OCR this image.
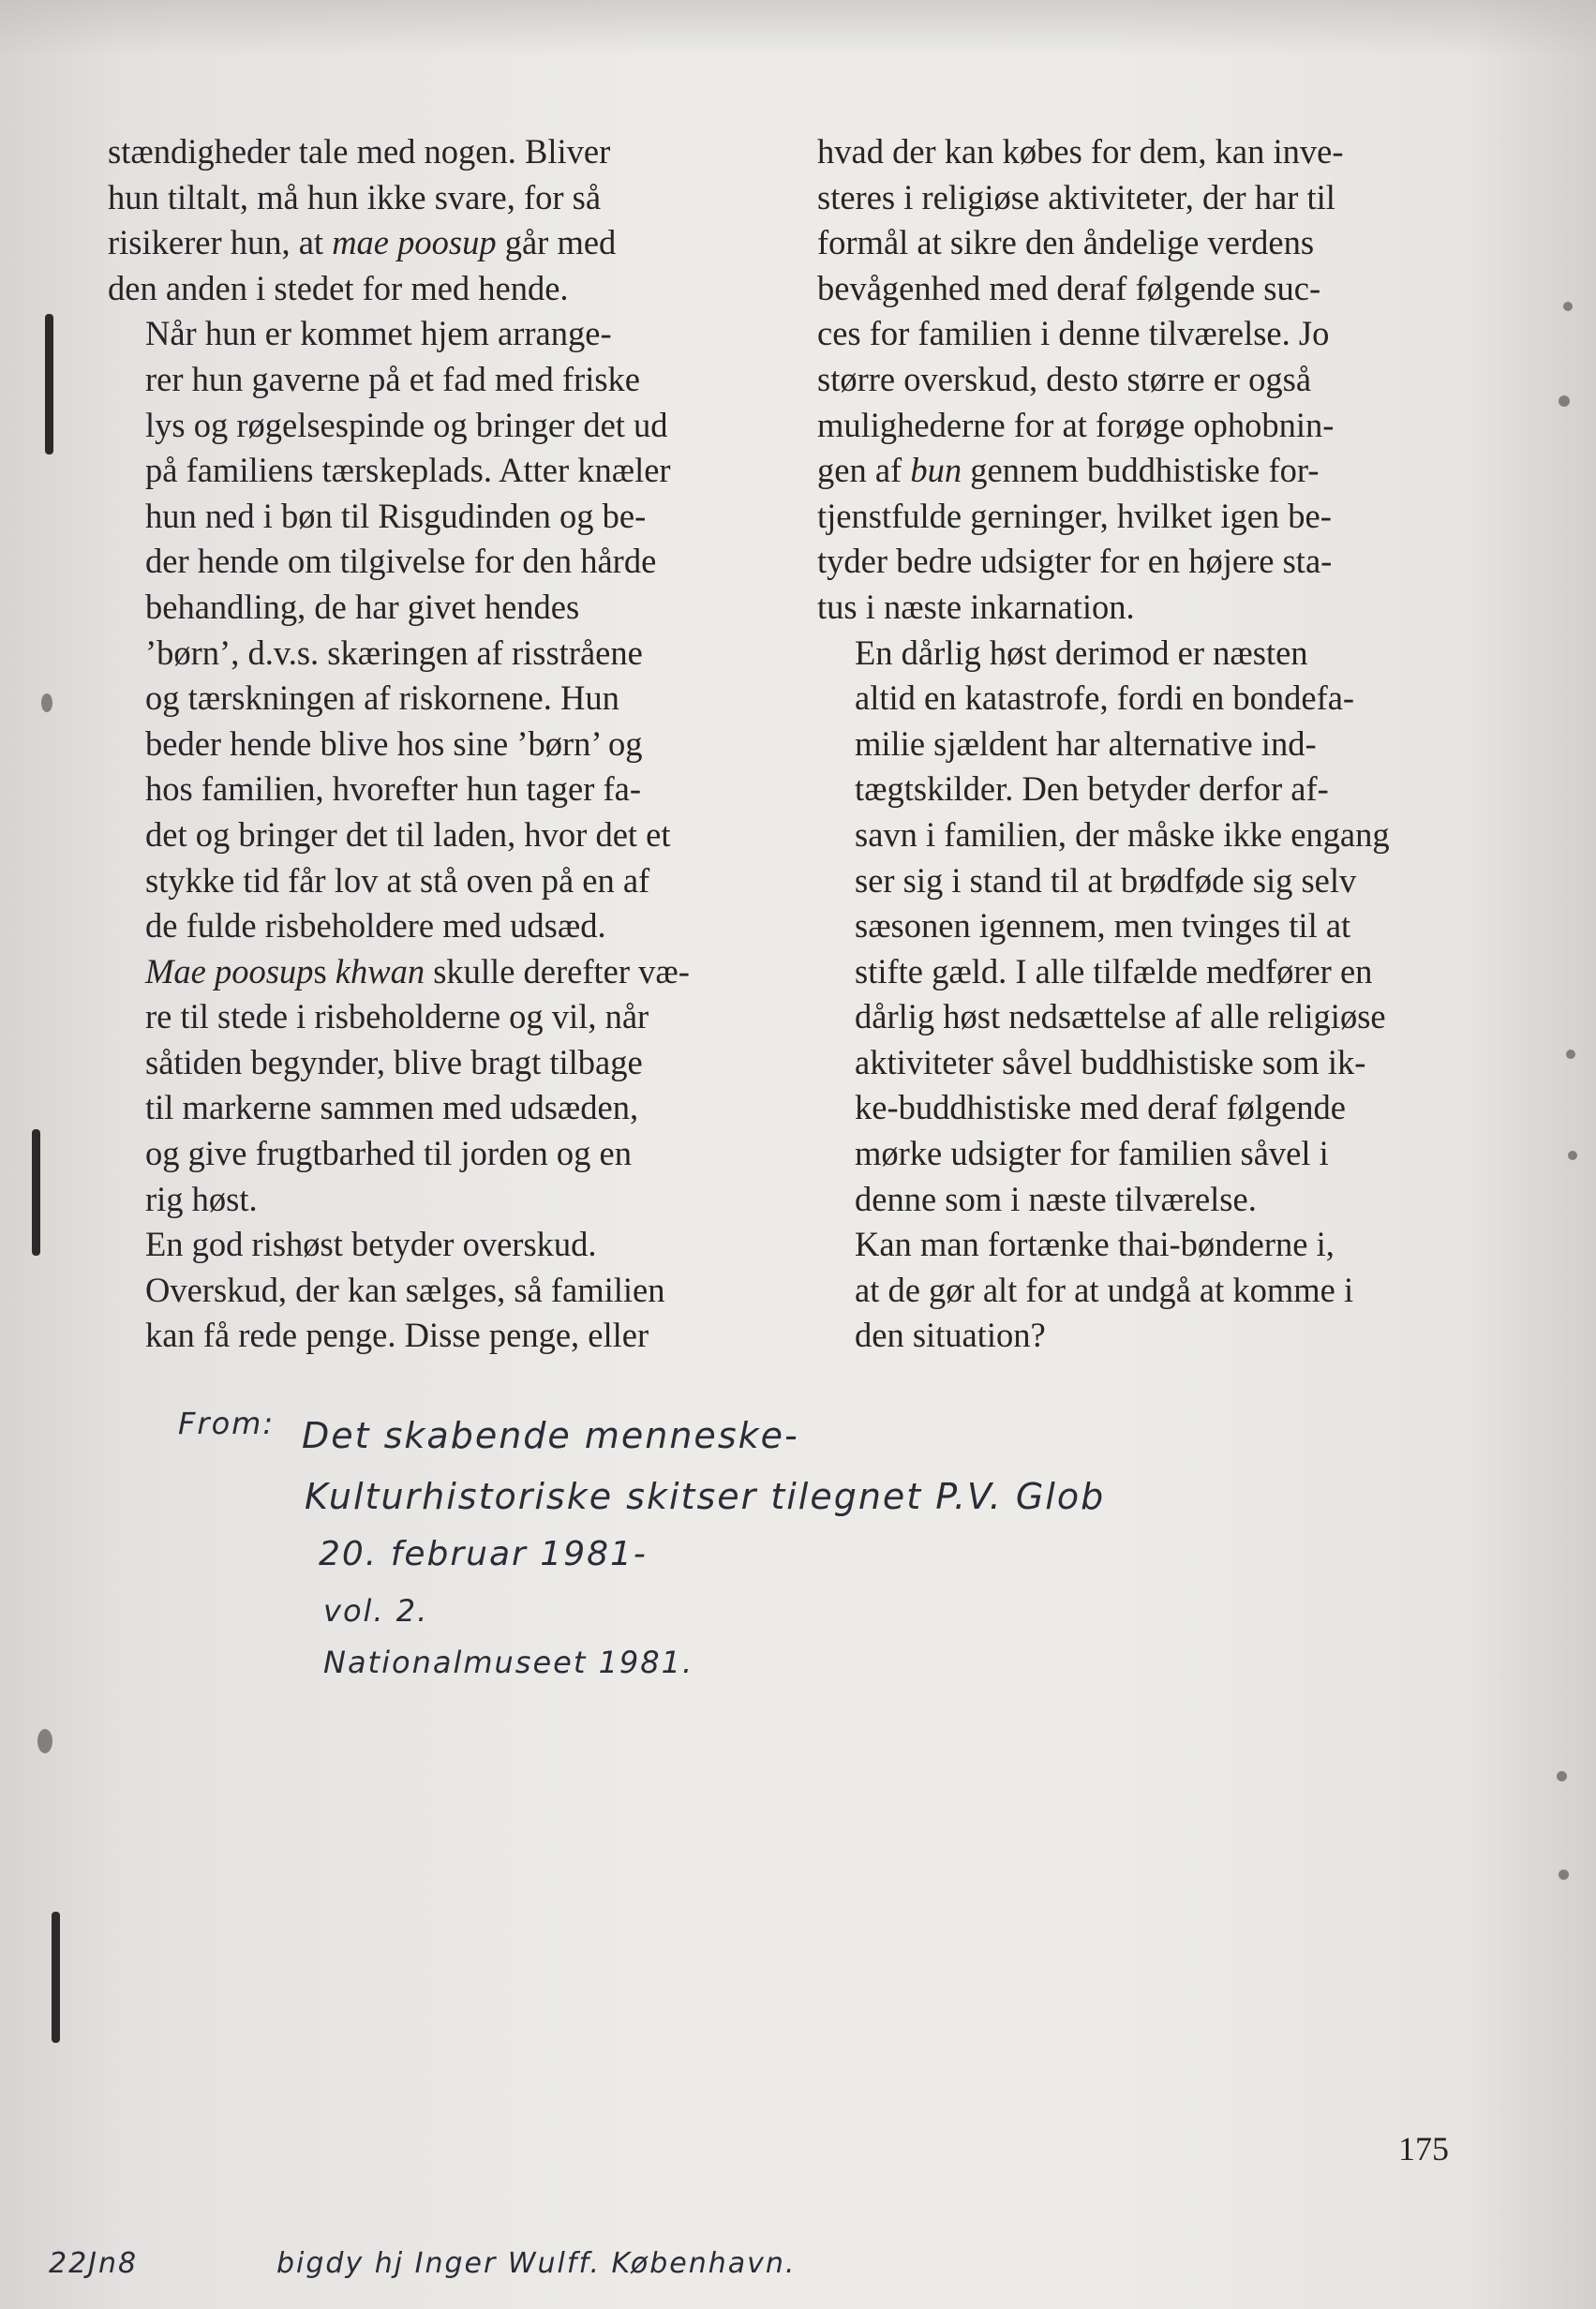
stændigheder tale med nogen. Bliver
hun tiltalt, må hun ikke svare, for så
risikerer hun, at mae poosup går med
den anden i stedet for med hende.

Når hun er kommet hjem arrange-
rer hun gaverne på et fad med friske
lys og røgelsespinde og bringer det ud
på familiens tærskeplads. Atter knæler
hun ned i bøn til Risgudinden og be-
der hende om tilgivelse for den hårde
behandling, de har givet hendes
’børn’, d.v.s. skæringen af risstråene
og tærskningen af riskornene. Hun
beder hende blive hos sine ’børn’ og
hos familien, hvorefter hun tager fa-
det og bringer det til laden, hvor det et
stykke tid får lov at stå oven på en af
de fulde risbeholdere med udsæd.
Mae poosups khwan skulle derefter væ-
re til stede i risbeholderne og vil, når
såtiden begynder, blive bragt tilbage
til markerne sammen med udsæden,
og give frugtbarhed til jorden og en
rig høst.

En god rishøst betyder overskud.
Overskud, der kan sælges, så familien
kan få rede penge. Disse penge, eller

hvad der kan købes for dem, kan inve-
steres i religiøse aktiviteter, der har til
formål at sikre den åndelige verdens
bevågenhed med deraf følgende suc-
ces for familien i denne tilværelse. Jo
større overskud, desto større er også
mulighederne for at forøge ophobnin-
gen af bun gennem buddhistiske for-
tjenstfulde gerninger, hvilket igen be-
tyder bedre udsigter for en højere sta-
tus i næste inkarnation.

En dårlig høst derimod er næsten
altid en katastrofe, fordi en bondefa-
milie sjældent har alternative ind-
tægtskilder. Den betyder derfor af-
savn i familien, der måske ikke engang
ser sig i stand til at brødføde sig selv
sæsonen igennem, men tvinges til at
stifte gæld. I alle tilfælde medfører en
dårlig høst nedsættelse af alle religiøse
aktiviteter såvel buddhistiske som ik-
ke-buddhistiske med deraf følgende
mørke udsigter for familien såvel i
denne som i næste tilværelse.

Kan man fortænke thai-bønderne i,
at de gør alt for at undgå at komme i
den situation?

From: Det skabende menneske-
Kulturhistoriske skitser tilegnet P.V. Glob
20. februar 1981-
vol. 2.
Nationalmuseet 1981.
22Jn8	bigdy hj Inger Wulff. København.
175
